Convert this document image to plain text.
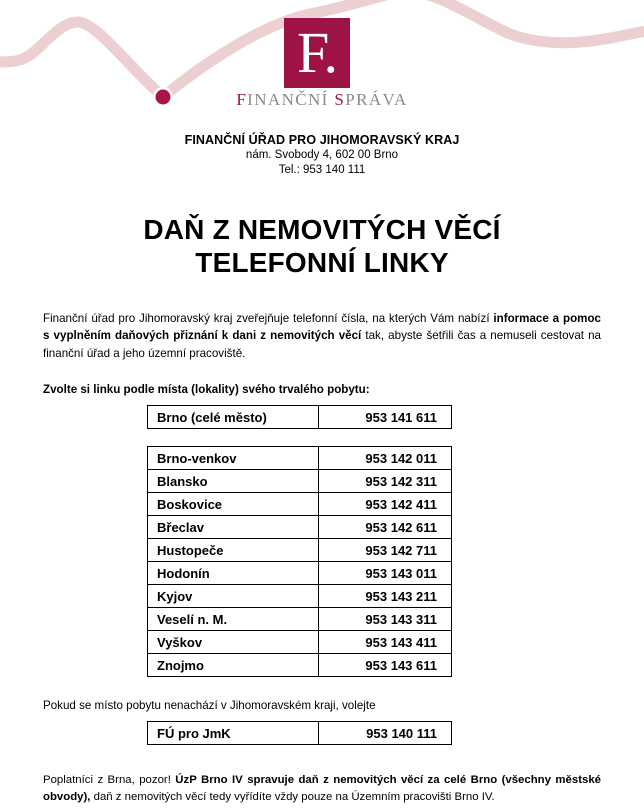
F.
FINANČNÍ SPRÁVA
FINANČNÍ ÚŘAD PRO JIHOMORAVSKÝ KRAJ
nám. Svobody 4, 602 00 Brno
Tel.: 953 140 111
DAŇ Z NEMOVITÝCH VĚCÍ
TELEFONNÍ LINKY

Finanční úřad pro Jihomoravský kraj zveřejňuje telefonní čísla, na kterých Vám nabízí informace a pomoc s vyplněním daňových přiznání k dani z nemovitých věcí tak, abyste šetřili čas a nemuseli cestovat na finanční úřad a jeho územní pracoviště.

Zvolte si linku podle místa (lokality) svého trvalého pobytu:
Brno (celé město)	953 141 611
Brno-venkov	953 142 011
Blansko	953 142 311
Boskovice	953 142 411
Břeclav	953 142 611
Hustopeče	953 142 711
Hodonín	953 143 011
Kyjov	953 143 211
Veselí n. M.	953 143 311
Vyškov	953 143 411
Znojmo	953 143 611
Pokud se místo pobytu nenachází v Jihomoravském kraji, volejte
FÚ pro JmK	953 140 111

Poplatníci z Brna, pozor! ÚzP Brno IV spravuje daň z nemovitých věcí za celé Brno (všechny městské obvody), daň z nemovitých věcí tedy vyřídíte vždy pouze na Územním pracovišti Brno IV.
